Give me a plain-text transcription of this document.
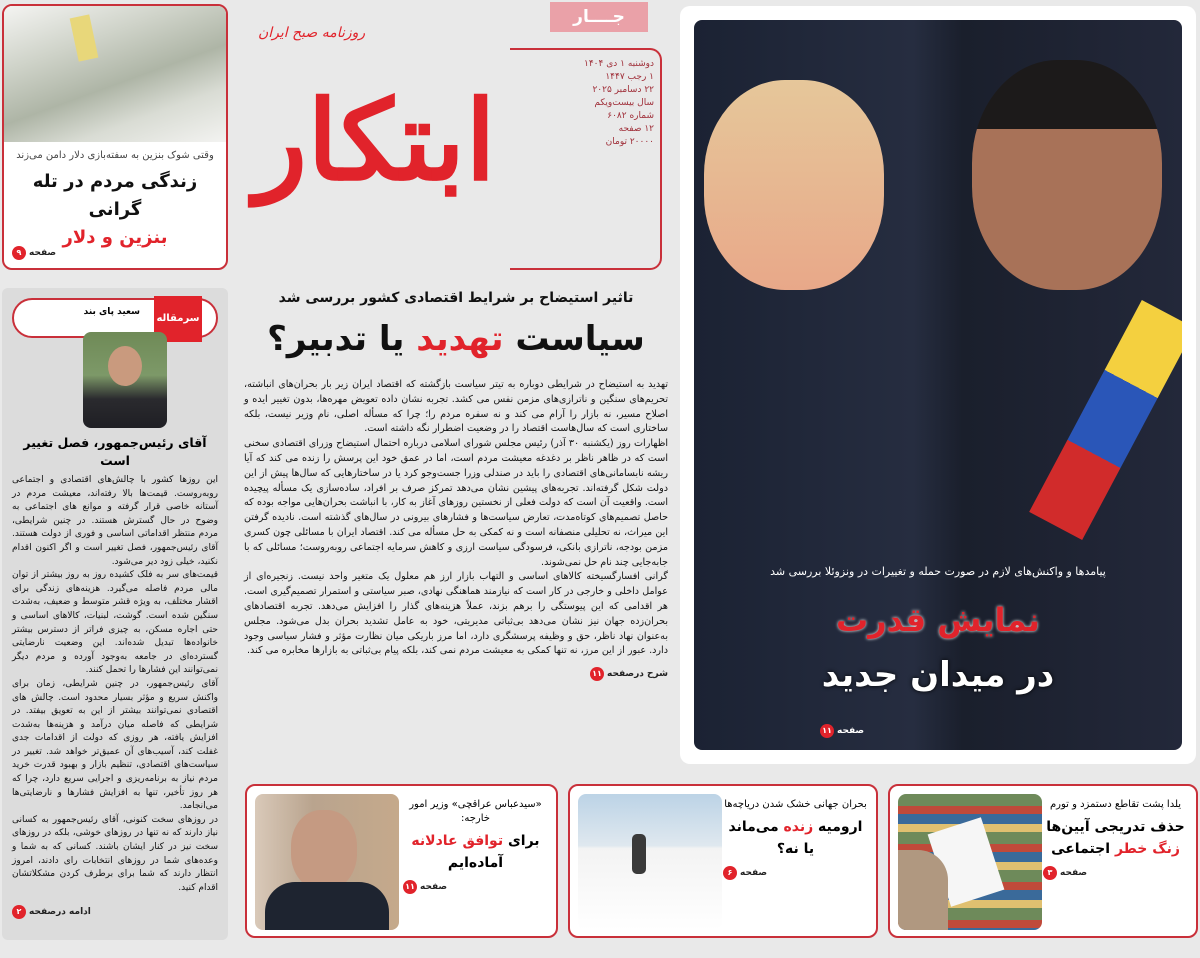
وقتی شوک بنزین به سفته‌بازی دلار دامن می‌زند
زندگی مردم در تله گرانی
بنزین و دلار
صفحه
۹
روزنامه صبح ایران
ابتکار
جــــار
دوشنبه ۱ دی ۱۴۰۴
۱ رجب ۱۴۴۷
۲۲ دسامبر ۲۰۲۵
سال بیست‌ویکم
شماره ۶۰۸۲
۱۲ صفحه
۲۰۰۰۰ تومان
تاثیر استیضاح بر شرایط اقتصادی کشور بررسی شد
سیاست تهدید یا تدبیر؟

تهدید به استیضاح در شرایطی دوباره به تیتر سیاست بازگشته که اقتصاد ایران زیر بار بحران‌های انباشته، تحریم‌های سنگین و ناترازی‌های مزمن نفس می کشد. تجربه نشان داده تعویض مهره‌ها، بدون تغییر ایده و اصلاح مسیر، نه بازار را آرام می کند و نه سفره مردم را؛ چرا که مسأله اصلی، نام وزیر نیست، بلکه ساختاری است که سال‌هاست اقتصاد را در وضعیت اضطرار نگه داشته است.

اظهارات روز (یکشنبه ۳۰ آذر) رئیس مجلس شورای اسلامی درباره احتمال استیضاح وزرای اقتصادی سخنی است که در ظاهر ناظر بر دغدغه معیشت مردم است، اما در عمق خود این پرسش را زنده می کند که آیا ریشه نابسامانی‌های اقتصادی را باید در صندلی وزرا جست‌وجو کرد یا در ساختارهایی که سال‌ها پیش از این دولت شکل گرفته‌اند. تجربه‌های پیشین نشان می‌دهد تمرکز صرف بر افراد، ساده‌سازی یک مسأله پیچیده است. واقعیت آن است که دولت فعلی از نخستین روزهای آغاز به کار، با انباشت بحران‌هایی مواجه بوده که حاصل تصمیم‌های کوتاه‌مدت، تعارض سیاست‌ها و فشارهای بیرونی در سال‌های گذشته است. نادیده گرفتن این میراث، نه تحلیلی منصفانه است و نه کمکی به حل مسأله می کند. اقتصاد ایران با مسائلی چون کسری مزمن بودجه، ناترازی بانکی، فرسودگی سیاست ارزی و کاهش سرمایه اجتماعی روبه‌روست؛ مسائلی که با جابه‌جایی چند نام حل نمی‌شوند.

گرانی افسارگسیخته کالاهای اساسی و التهاب بازار ارز هم معلول یک متغیر واحد نیست. زنجیره‌ای از عوامل داخلی و خارجی در کار است که نیازمند هماهنگی نهادی، صبر سیاستی و استمرار تصمیم‌گیری است. هر اقدامی که این پیوستگی را برهم بزند، عملاً هزینه‌های گذار را افزایش می‌دهد. تجربه اقتصادهای بحران‌زده جهان نیز نشان می‌دهد بی‌ثباتی مدیریتی، خود به عامل تشدید بحران بدل می‌شود. مجلس به‌عنوان نهاد ناظر، حق و وظیفه پرسشگری دارد، اما مرز باریکی میان نظارت مؤثر و فشار سیاسی وجود دارد. عبور از این مرز، نه تنها کمکی به معیشت مردم نمی کند، بلکه پیام بی‌ثباتی به بازارها مخابره می کند.

شرح درصفحه
۱۱
سرمقاله
سعید پای بند
آقای رئیس‌جمهور، فصل تغییر است

این روزها کشور با چالش‌های اقتصادی و اجتماعی روبه‌روست. قیمت‌ها بالا رفته‌اند، معیشت مردم در آستانه خاصی قرار گرفته و موانع های اجتماعی به وضوح در حال گسترش هستند. در چنین شرایطی، مردم منتظر اقداماتی اساسی و فوری از دولت هستند. آقای رئیس‌جمهور، فصل تغییر است و اگر اکنون اقدام نکنید، خیلی زود دیر می‌شود.

قیمت‌های سر به فلک کشیده روز به روز بیشتر از توان مالی مردم فاصله می‌گیرد. هزینه‌های زندگی برای اقشار مختلف، به ویژه قشر متوسط و ضعیف، به‌شدت سنگین شده است. گوشت، لبنیات، کالاهای اساسی و حتی اجاره مسکن، به چیزی فراتر از دسترس بیشتر خانواده‌ها تبدیل شده‌اند. این وضعیت نارضایتی گسترده‌ای در جامعه به‌وجود آورده و مردم دیگر نمی‌توانند این فشارها را تحمل کنند.

آقای رئیس‌جمهور، در چنین شرایطی، زمان برای واکنش سریع و مؤثر بسیار محدود است. چالش های اقتصادی نمی‌توانند بیشتر از این به تعویق بیفتد. در شرایطی که فاصله میان درآمد و هزینه‌ها به‌شدت افزایش یافته، هر روزی که دولت از اقدامات جدی غفلت کند، آسیب‌های آن عمیق‌تر خواهد شد. تغییر در سیاست‌های اقتصادی، تنظیم بازار و بهبود قدرت خرید مردم نیاز به برنامه‌ریزی و اجرایی سریع دارد، چرا که هر روز تأخیر، تنها به افزایش فشارها و نارضایتی‌ها می‌انجامد.

در روزهای سخت کنونی، آقای رئیس‌جمهور به کسانی نیاز دارند که نه تنها در روزهای خوشی، بلکه در روزهای سخت نیز در کنار ایشان باشند. کسانی که به شما و وعده‌های شما در روزهای انتخابات رای دادند، امروز انتظار دارند که شما برای برطرف کردن مشکلاتشان اقدام کنید.

ادامه درصفحه
۲
پیامدها و واکنش‌های لازم در صورت حمله و تغییرات در ونزوئلا بررسی شد
نمایش قدرت
در میدان جدید
صفحه
۱۱
«سیدعباس عراقچی» وزیر امور خارجه:
برای توافق عادلانه آماده‌ایم
صفحه
۱۱
بحران جهانی خشک شدن دریاچه‌ها
ارومیه زنده می‌ماند یا نه؟
صفحه
۶
یلدا پشت تقاطع دستمزد و تورم
حذف تدریجی آیین‌ها زنگ خطر اجتماعی
صفحه
۳
